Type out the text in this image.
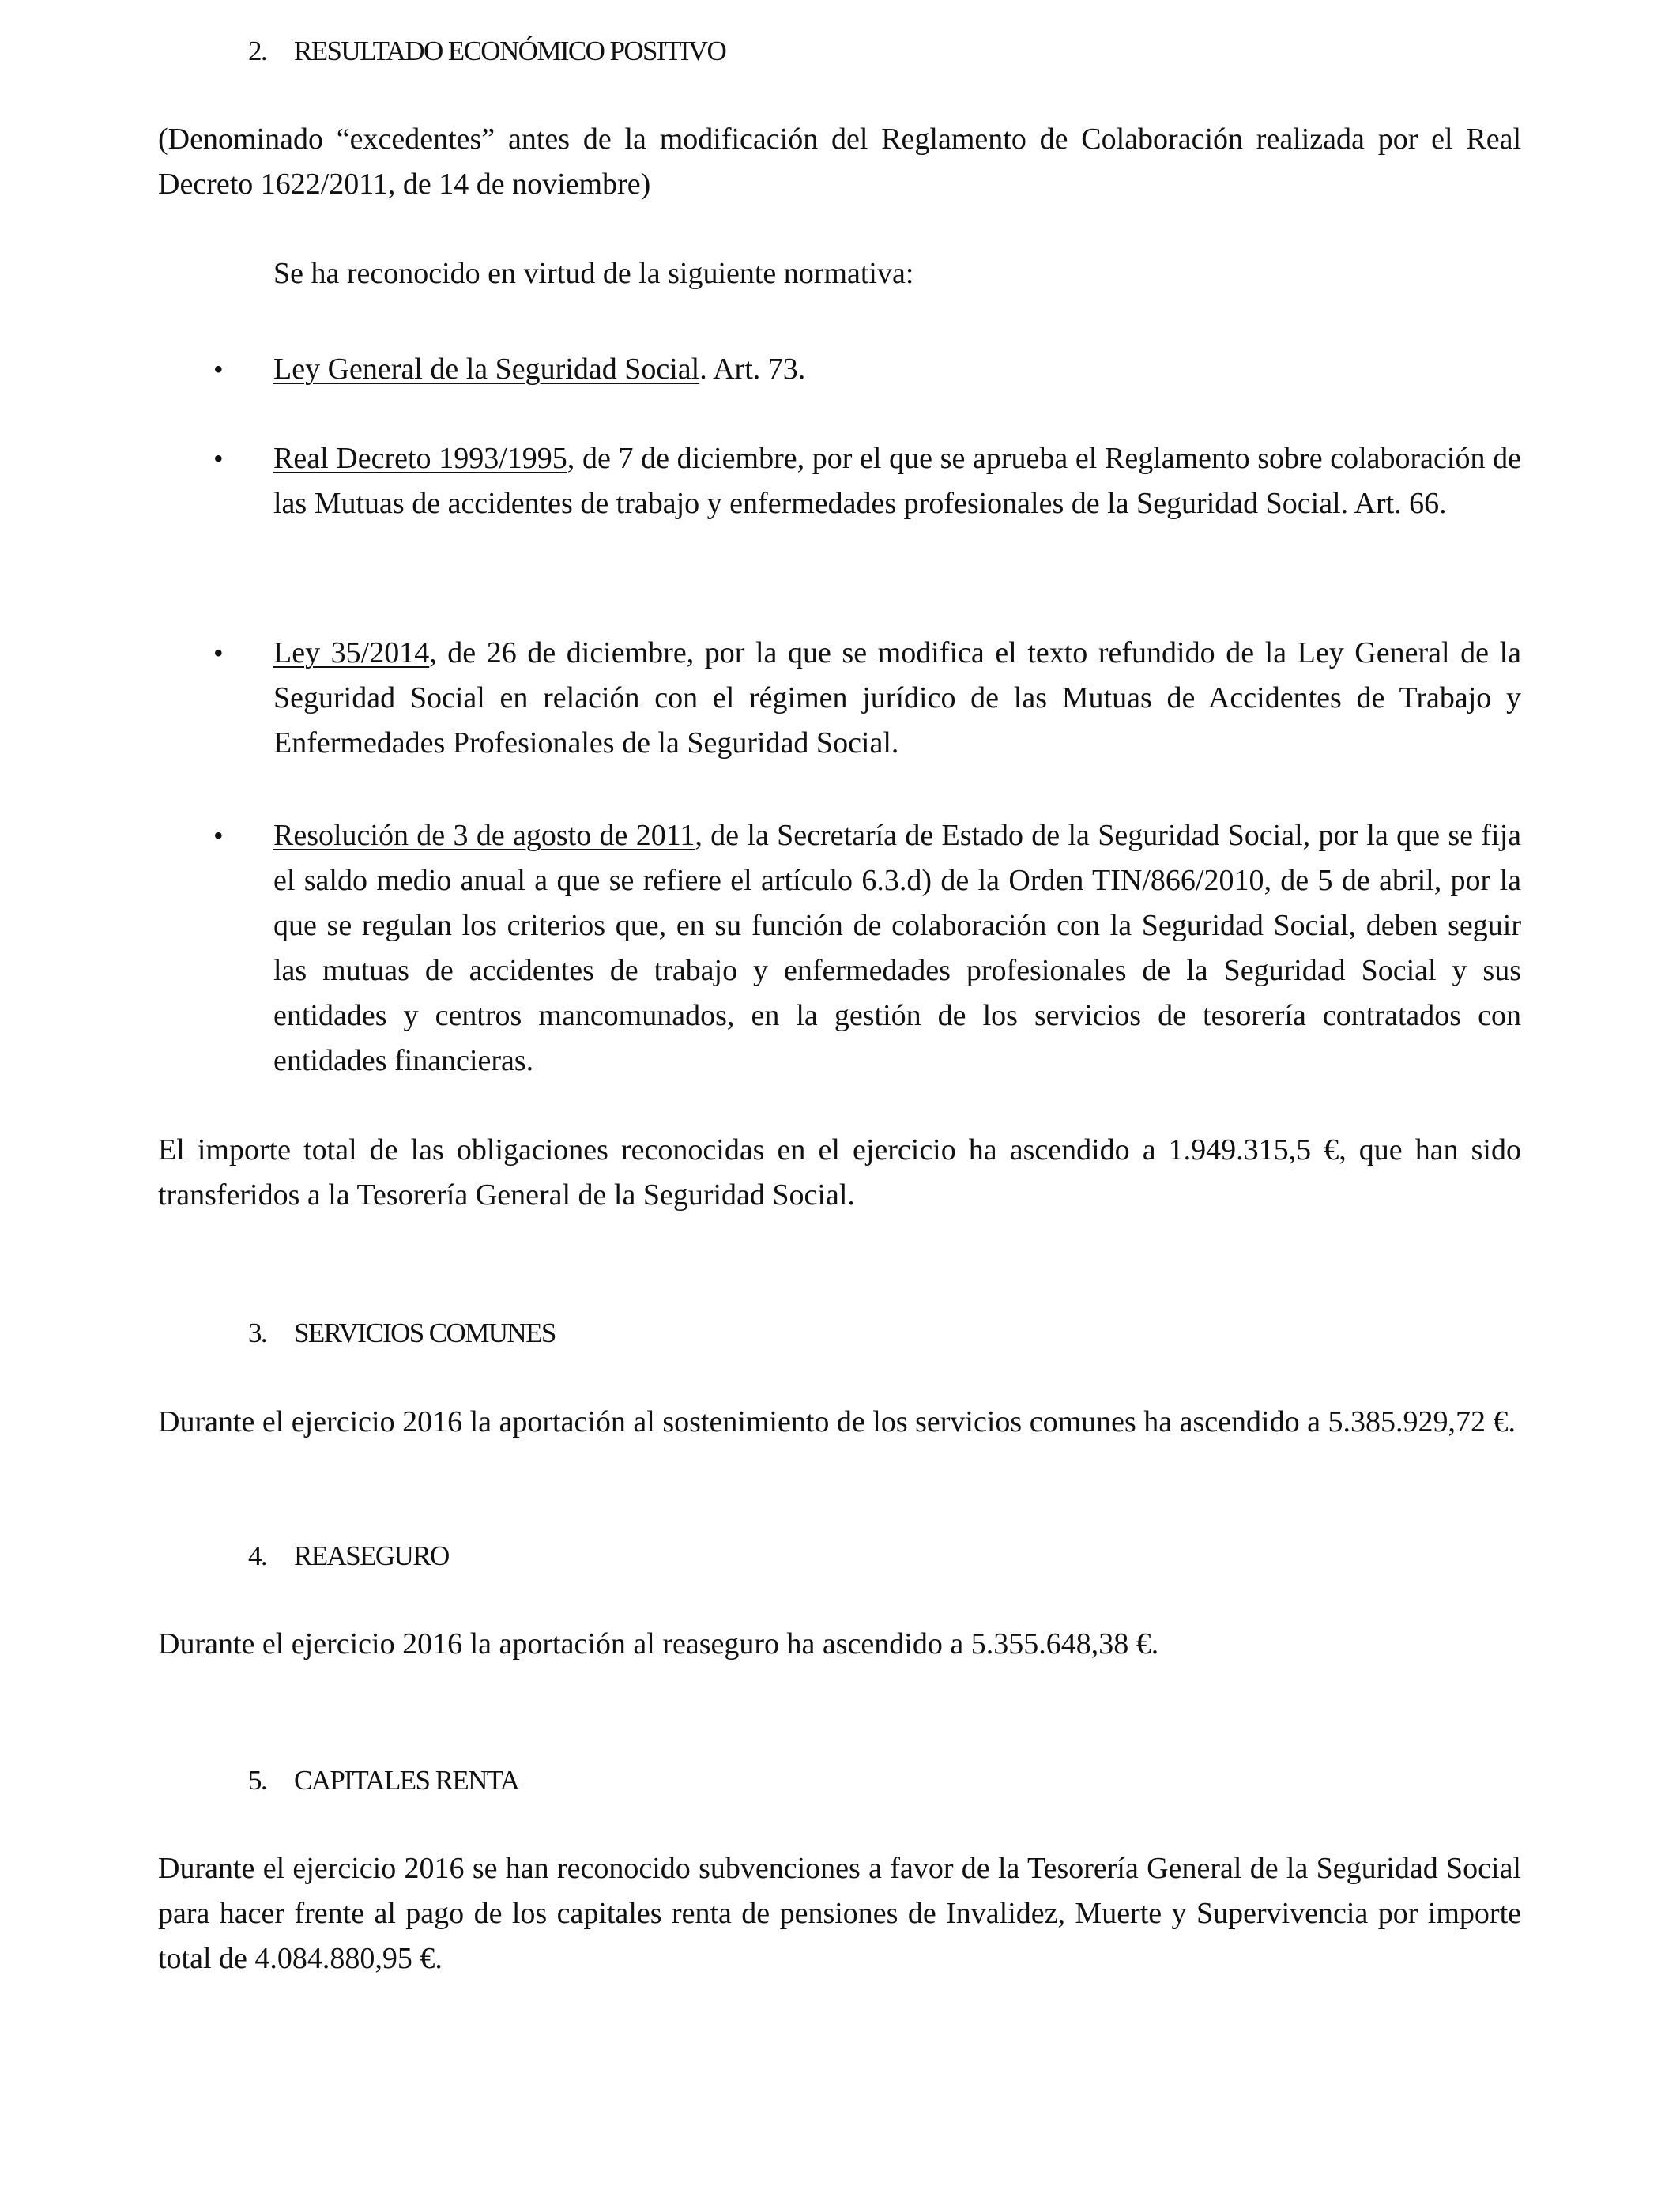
2. RESULTADO ECONÓMICO POSITIVO

(Denominado “excedentes” antes de la modificación del Reglamento de Colaboración realizada por el Real Decreto 1622/2011, de 14 de noviembre)

Se ha reconocido en virtud de la siguiente normativa:

• Ley General de la Seguridad Social. Art. 73.

• Real Decreto 1993/1995, de 7 de diciembre, por el que se aprueba el Reglamento sobre colaboración de las Mutuas de accidentes de trabajo y enfermedades profesionales de la Seguridad Social. Art. 66.

• Ley 35/2014, de 26 de diciembre, por la que se modifica el texto refundido de la Ley General de la Seguridad Social en relación con el régimen jurídico de las Mutuas de Accidentes de Trabajo y Enfermedades Profesionales de la Seguridad Social.

• Resolución de 3 de agosto de 2011, de la Secretaría de Estado de la Seguridad Social, por la que se fija el saldo medio anual a que se refiere el artículo 6.3.d) de la Orden TIN/866/2010, de 5 de abril, por la que se regulan los criterios que, en su función de colaboración con la Seguridad Social, deben seguir las mutuas de accidentes de trabajo y enfermedades profesionales de la Seguridad Social y sus entidades y centros mancomunados, en la gestión de los servicios de tesorería contratados con entidades financieras.

El importe total de las obligaciones reconocidas en el ejercicio ha ascendido a 1.949.315,5 €, que han sido transferidos a la Tesorería General de la Seguridad Social.

3. SERVICIOS COMUNES

Durante el ejercicio 2016 la aportación al sostenimiento de los servicios comunes ha ascendido a 5.385.929,72 €.

4. REASEGURO

Durante el ejercicio 2016 la aportación al reaseguro ha ascendido a 5.355.648,38 €.

5. CAPITALES RENTA

Durante el ejercicio 2016 se han reconocido subvenciones a favor de la Tesorería General de la Seguridad Social para hacer frente al pago de los capitales renta de pensiones de Invalidez, Muerte y Supervivencia por importe total de 4.084.880,95 €.
